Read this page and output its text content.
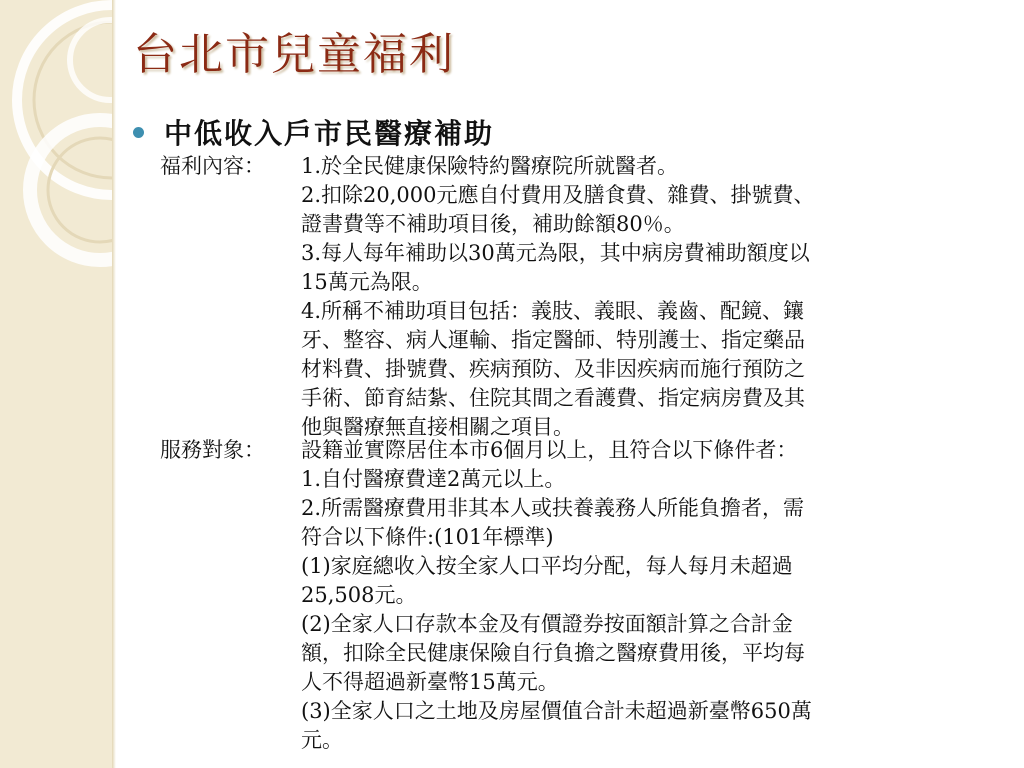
台北市兒童福利
中低收入戶市民醫療補助
福利內容：	1.於全民健康保險特約醫療院所就醫者。
2.扣除20,000元應自付費用及膳食費、雜費、掛號費、
證書費等不補助項目後，補助餘額80％。
3.每人每年補助以30萬元為限，其中病房費補助額度以
15萬元為限。
4.所稱不補助項目包括：義肢、義眼、義齒、配鏡、鑲
牙、整容、病人運輸、指定醫師、特別護士、指定藥品
材料費、掛號費、疾病預防、及非因疾病而施行預防之
手術、節育結紮、住院其間之看護費、指定病房費及其
他與醫療無直接相關之項目。
服務對象：	設籍並實際居住本市6個月以上，且符合以下條件者：
1.自付醫療費達2萬元以上。
2.所需醫療費用非其本人或扶養義務人所能負擔者，需
符合以下條件:(101年標準)
(1)家庭總收入按全家人口平均分配，每人每月未超過
25,508元。
(2)全家人口存款本金及有價證券按面額計算之合計金
額，扣除全民健康保險自行負擔之醫療費用後，平均每
人不得超過新臺幣15萬元。
(3)全家人口之土地及房屋價值合計未超過新臺幣650萬
元。
